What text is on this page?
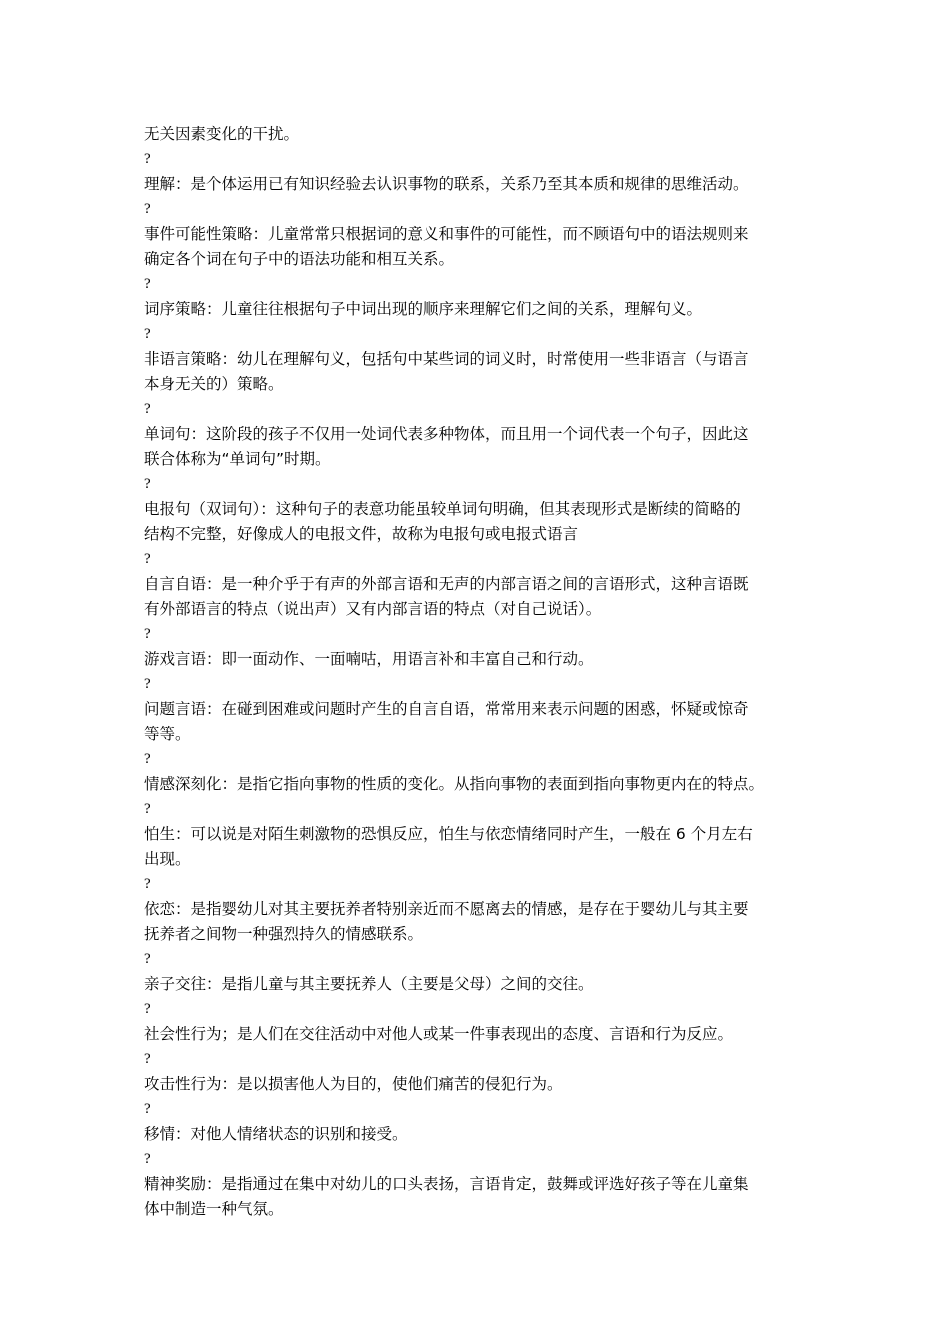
无关因素变化的干扰。

?

理解：是个体运用已有知识经验去认识事物的联系，关系乃至其本质和规律的思维活动。

?

事件可能性策略：儿童常常只根据词的意义和事件的可能性，而不顾语句中的语法规则来

确定各个词在句子中的语法功能和相互关系。

?

词序策略：儿童往往根据句子中词出现的顺序来理解它们之间的关系，理解句义。

?

非语言策略：幼儿在理解句义，包括句中某些词的词义时，时常使用一些非语言（与语言

本身无关的）策略。

?

单词句：这阶段的孩子不仅用一处词代表多种物体，而且用一个词代表一个句子，因此这

联合体称为“单词句”时期。

?

电报句（双词句）：这种句子的表意功能虽较单词句明确，但其表现形式是断续的简略的

结构不完整，好像成人的电报文件，故称为电报句或电报式语言

?

自言自语：是一种介乎于有声的外部言语和无声的内部言语之间的言语形式，这种言语既

有外部语言的特点（说出声）又有内部言语的特点（对自己说话）。

?

游戏言语：即一面动作、一面喃咕，用语言补和丰富自己和行动。

?

问题言语：在碰到困难或问题时产生的自言自语，常常用来表示问题的困惑，怀疑或惊奇

等等。

?

情感深刻化：是指它指向事物的性质的变化。从指向事物的表面到指向事物更内在的特点。

?

怕生：可以说是对陌生刺激物的恐惧反应，怕生与依恋情绪同时产生，一般在 6 个月左右

出现。

?

依恋：是指婴幼儿对其主要抚养者特别亲近而不愿离去的情感，是存在于婴幼儿与其主要

抚养者之间物一种强烈持久的情感联系。

?

亲子交往：是指儿童与其主要抚养人（主要是父母）之间的交往。

?

社会性行为；是人们在交往活动中对他人或某一件事表现出的态度、言语和行为反应。

?

攻击性行为：是以损害他人为目的，使他们痛苦的侵犯行为。

?

移情：对他人情绪状态的识别和接受。

?

精神奖励：是指通过在集中对幼儿的口头表扬，言语肯定，鼓舞或评选好孩子等在儿童集

体中制造一种气氛。
